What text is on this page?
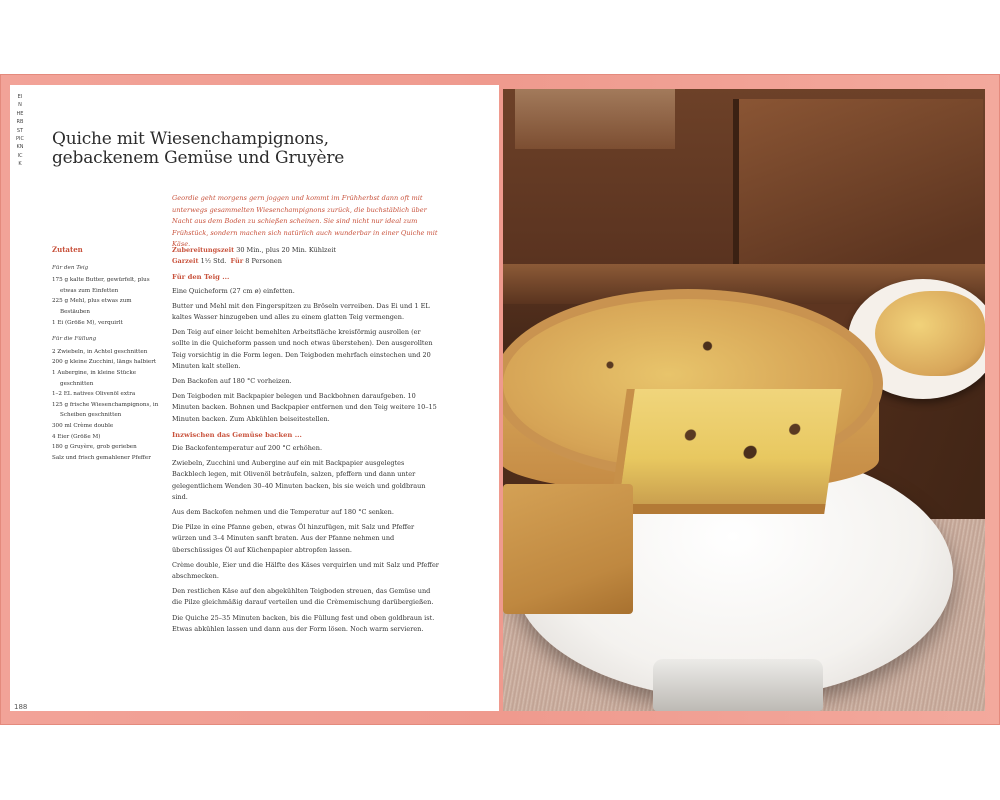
EIN HERBSTPICKNICK
188
Quiche mit Wiesenchampignons,
gebackenem Gemüse und Gruyère

Geordie geht morgens gern joggen und kommt im Frühherbst dann oft mit unterwegs gesammelten Wiesenchampignons zurück, die buchstäblich über Nacht aus dem Boden zu schießen scheinen. Sie sind nicht nur ideal zum Frühstück, sondern machen sich natürlich auch wunderbar in einer Quiche mit Käse.

Zutaten
Für den Teig
175 g kalte Butter, gewürfelt, plus etwas zum Einfetten
225 g Mehl, plus etwas zum Bestäuben
1 Ei (Größe M), verquirlt
Für die Füllung
2 Zwiebeln, in Achtel geschnitten
200 g kleine Zucchini, längs halbiert
1 Aubergine, in kleine Stücke geschnitten
1–2 EL natives Olivenöl extra
125 g frische Wiesenchampignons, in Scheiben geschnitten
300 ml Crème double
4 Eier (Größe M)
180 g Gruyère, grob gerieben
Salz und frisch gemahlener Pfeffer
Zubereitungszeit 30 Min., plus 20 Min. Kühlzeit
Garzeit 1½ Std. Für 8 Personen
Für den Teig ...

Eine Quicheform (27 cm ø) einfetten.

Butter und Mehl mit den Fingerspitzen zu Bröseln verreiben. Das Ei und 1 EL kaltes Wasser hinzugeben und alles zu einem glatten Teig vermengen.

Den Teig auf einer leicht bemehlten Arbeitsfläche kreisförmig ausrollen (er sollte in die Quicheform passen und noch etwas überstehen). Den ausgerollten Teig vorsichtig in die Form legen. Den Teigboden mehrfach einstechen und 20 Minuten kalt stellen.

Den Backofen auf 180 °C vorheizen.

Den Teigboden mit Backpapier belegen und Backbohnen daraufgeben. 10 Minuten backen. Bohnen und Backpapier entfernen und den Teig weitere 10–15 Minuten backen. Zum Abkühlen beiseitestellen.

Inzwischen das Gemüse backen ...

Die Backofentemperatur auf 200 °C erhöhen.

Zwiebeln, Zucchini und Aubergine auf ein mit Backpapier ausgelegtes Backblech legen, mit Olivenöl beträufeln, salzen, pfeffern und dann unter gelegentlichem Wenden 30–40 Minuten backen, bis sie weich und goldbraun sind.

Aus dem Backofen nehmen und die Temperatur auf 180 °C senken.

Die Pilze in eine Pfanne geben, etwas Öl hinzufügen, mit Salz und Pfeffer würzen und 3–4 Minuten sanft braten. Aus der Pfanne nehmen und überschüssiges Öl auf Küchenpapier abtropfen lassen.

Crème double, Eier und die Hälfte des Käses verquirlen und mit Salz und Pfeffer abschmecken.

Den restlichen Käse auf den abgekühlten Teigboden streuen, das Gemüse und die Pilze gleichmäßig darauf verteilen und die Crèmemischung darübergießen.

Die Quiche 25–35 Minuten backen, bis die Füllung fest und oben goldbraun ist. Etwas abkühlen lassen und dann aus der Form lösen. Noch warm servieren.
